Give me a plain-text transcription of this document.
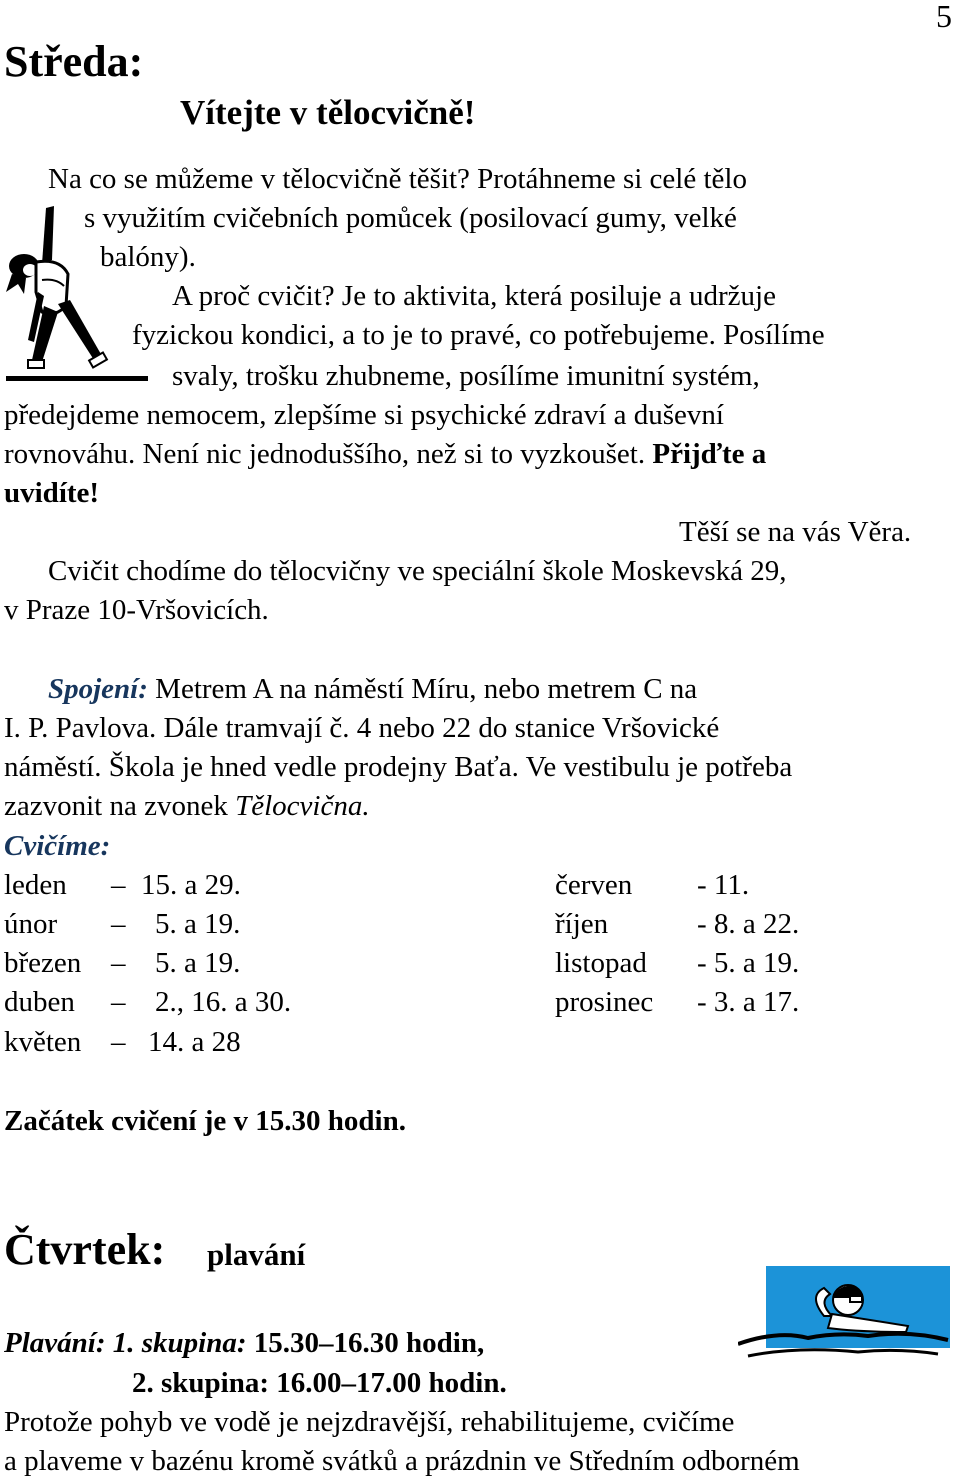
5
Středa:
Vítejte v tělocvičně!
Na co se můžeme v tělocvičně těšit? Protáhneme si celé tělo
s využitím cvičebních pomůcek (posilovací gumy, velké
balóny).
A proč cvičit? Je to aktivita, která posiluje a udržuje
fyzickou kondici, a to je to pravé, co potřebujeme. Posílíme
svaly, trošku zhubneme, posílíme imunitní systém,
předejdeme nemocem, zlepšíme si psychické zdraví a duševní
rovnováhu. Není nic jednoduššího, než si to vyzkoušet. Přijďte a
uvidíte!
Těší se na vás Věra.
Cvičit chodíme do tělocvičny ve speciální škole Moskevská 29,
v Praze 10-Vršovicích.
Spojení: Metrem A na náměstí Míru, nebo metrem C na
I. P. Pavlova. Dále tramvají č. 4 nebo 22 do stanice Vršovické
náměstí. Škola je hned vedle prodejny Baťa. Ve vestibulu je potřeba
zazvonit na zvonek Tělocvična.
Cvičíme:
leden – 15. a 29.
únor – 5. a 19.
březen – 5. a 19.
duben – 2., 16. a 30.
květen – 14. a 28
červen - 11.
říjen	- 8. a 22.
listopad - 5. a 19.
prosinec - 3. a 17.
Začátek cvičení je v 15.30 hodin.
Čtvrtek: plavání
Plavání: 1. skupina: 15.30–16.30 hodin,
2. skupina: 16.00–17.00 hodin.
Protože pohyb ve vodě je nejzdravější, rehabilitujeme, cvičíme
a plaveme v bazénu kromě svátků a prázdnin ve Středním odborném
